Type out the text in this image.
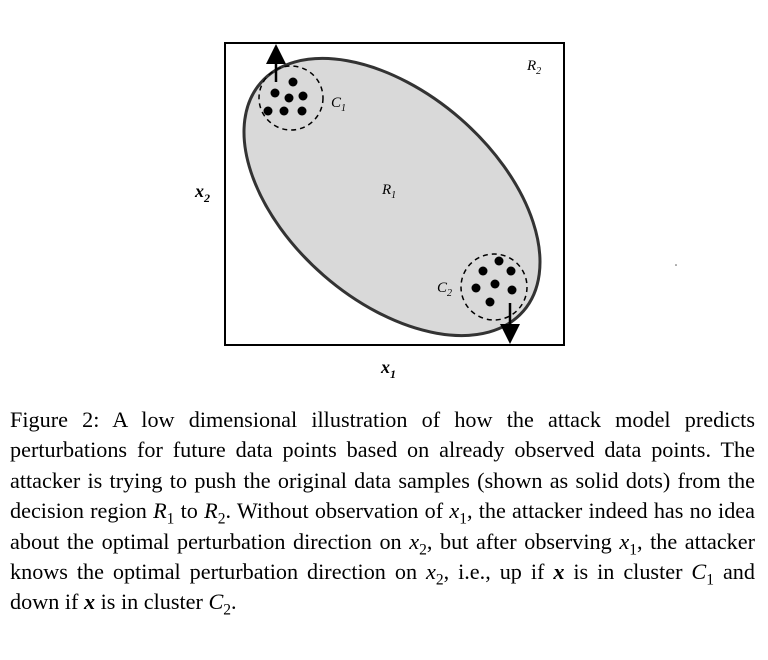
$R_2$
$R_1$
$C_1$
$C_2$
$x_2$
$x_1$

Figure 2: A low dimensional illustration of how the attack model predicts perturbations for future data points based on already observed data points. The attacker is trying to push the original data samples (shown as solid dots) from the decision region $R_1$ to $R_2$. Without observation of $x_1$, the attacker indeed has no idea about the optimal perturbation direction on $x_2$, but after observing $x_1$, the attacker knows the optimal perturbation direction on $x_2$, i.e., up if x is in cluster $C_1$ and down if x is in cluster $C_2$.
